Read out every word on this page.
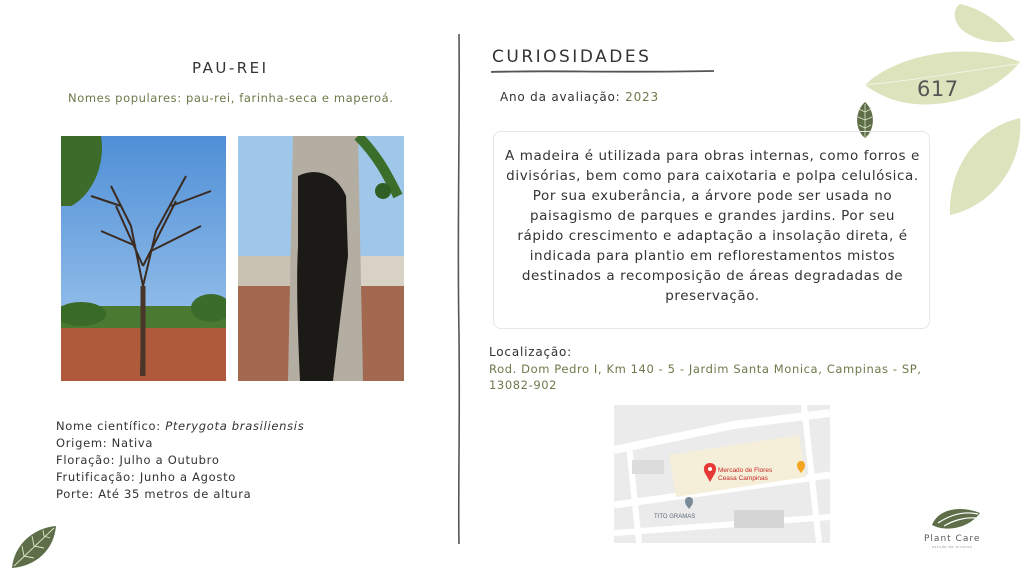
PAU-REI
Nomes populares: pau-rei, farinha-seca e maperoá.
Nome científico: Pterygota brasiliensis
Origem: Nativa
Floração: Julho a Outubro
Frutificação: Junho a Agosto
Porte: Até 35 metros de altura
CURIOSIDADES
Ano da avaliação: 2023	617
A madeira é utilizada para obras internas, como forros e divisórias, bem como para caixotaria e polpa celulósica. Por sua exuberância, a árvore pode ser usada no paisagismo de parques e grandes jardins. Por seu rápido crescimento e adaptação a insolação direta, é indicada para plantio em reflorestamentos mistos destinados a recomposição de áreas degradadas de preservação.
Localização:
Rod. Dom Pedro I, Km 140 - 5 - Jardim Santa Monica, Campinas - SP, 13082-902
Mercado de Flores
Ceasa Campinas
TITO GRAMAS
Plant Care
estudo de arvores
